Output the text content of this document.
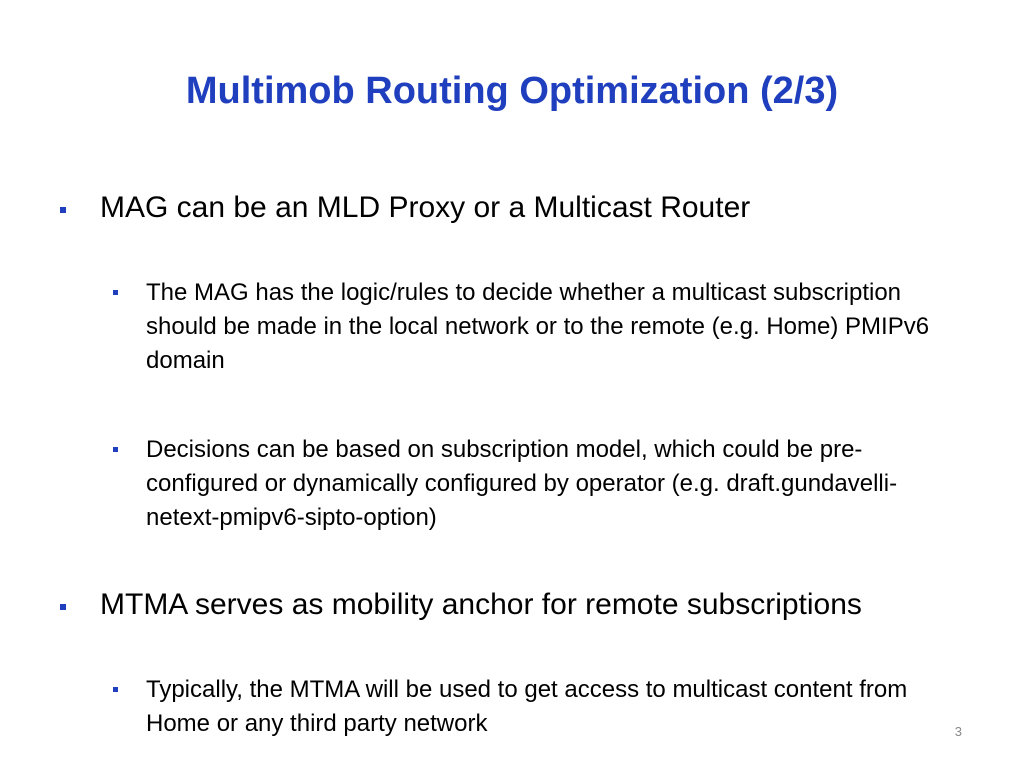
Multimob Routing Optimization (2/3)
MAG can be an MLD Proxy or a Multicast Router
The MAG has the logic/rules to decide whether a multicast subscription should be made in the local network or to the remote (e.g. Home) PMIPv6 domain
Decisions can be based on subscription model, which could be pre-configured or dynamically configured by operator (e.g. draft.gundavelli-netext-pmipv6-sipto-option)
MTMA serves as mobility anchor for remote subscriptions
Typically, the MTMA will be used to get access to multicast content from Home or any third party network	3
